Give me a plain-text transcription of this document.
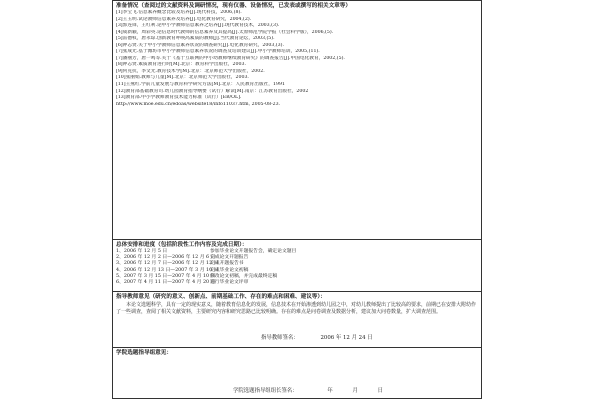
准备情况（查阅过的文献资料及调研情况，现有仪器、设备情况，已发表或撰写的相关文章等）
[1]李宝飞.信息素养概念比较及培养[J].现代科技，2006,(8).
[2]王玉明.试论教师信息素养及培养[J].电化教育研究，2004,(2).
[3]郭连锋，王红利.论中小学教师信息素养之培养[J].现代教育技术，2003,(3).
[4]成新颖，周彩英.论信息时代教师的信息素养及其提高[J].太原师范学院学报（社会科学版），2006,(5).
[5]雷德权，唐永琼.创新教育呼唤高素质的教师[J].当代教育论坛，2003,(5).
[6]钟志贤.关于中小学教师信息素养状况的调查研究[J].电化教育研究，2003,(3).
[7]张成光.基于潍坊市中小学教师信息素养状况的调查及培训建议[J].中小学教师培训，2005,(11).
[7]潘丽芳，唐一鸣等.关于《基于互联网的中小幼教师继续教育研究》的调查报告[J].中国电化教育，2002,(5).
[8]钟志贤.素质教育进行时[M].北京：教育科学出版社，2003.
[9]何克抗，李文光.教育技术学[M].北京：北京师范大学出版社，2002.
[10]张丽娟.教师与儿童[M].北京：北京师范大学出版社，2003.
[11]王燕红.学前儿童发展与教育科学研究方法[M].北京：人民教育出版社，1991
[12]教育部基础教育司.幼儿园教育指导纲要（试行）解读[M].南京：江苏教育出版社，2002
[13]教育部.中小学教师教育技术能力标准（试行）[EB/OL].
http://www.moe.edu.cn/edoas/website18/info11037.htm, 2005-08-23.
总体安排和进度（包括阶段性工作内容及完成日期）：
1、2006 年 12 月 5 日	参加毕业论文开题报告会，确定论文题目
2、2006 年 12 月 2 日—2006 年 12 月 6 日完成论文开题报告
3、2006 年 12 月 7 日—2006 年 12 月 12 日完成开题报告书
4、2006 年 12 月 13 日—2007 年 3 月 10 日完成毕业论文初稿
5、2007 年 3 月 15 日—2007 年 4 月 10 日修改论文初稿，并完成最终定稿
6、2007 年 4 月 11 日—2007 年 4 月 20 日进行毕业论文评审
指导教师意见（研究的意义、创新点、前期基础工作、存在的难点和困难、建议等）：
本论文选题科学，具有一定的现实意义，随着教育信息化的发展，信息技术在开始渗透到幼儿园之中，对幼儿教师提出了比较高的要求，前期已在安排大附幼作了一些调查，查阅了相关文献资料，主要研究内容和研究思路已比较明确。存在的难点是问卷调查及数据分析，建议加大问卷数量，扩大调查范围。
指导教师签名：	2006 年 12 月 24 日
学院选题指导组意见：
学院选题指导组组长签名：	年	月	日
